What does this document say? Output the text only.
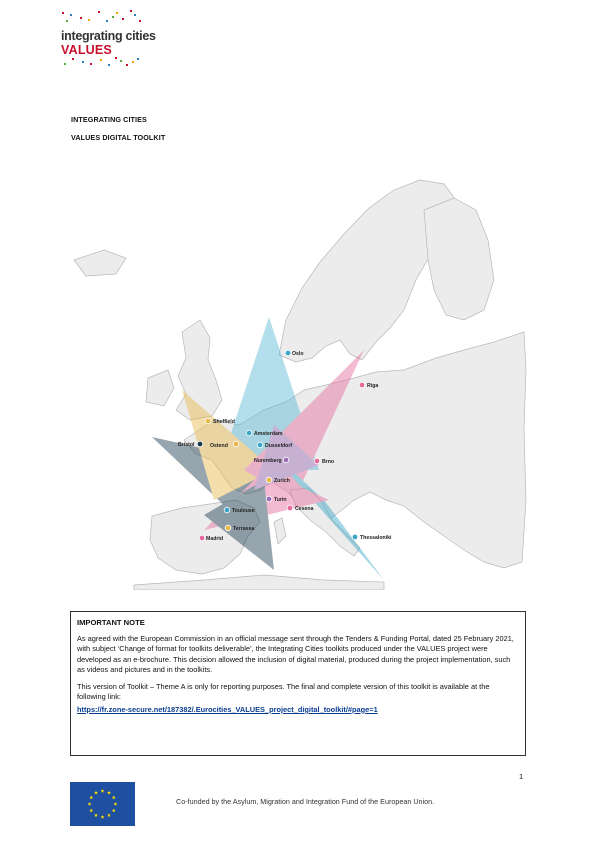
integrating cities
VALUES
INTEGRATING CITIES
VALUES DIGITAL TOOLKIT
Oslo
Riga
Sheffield
Amsterdam
Bristol	Ostend	Dusseldorf
Nuremberg	Brno
Zurich
Turin
Toulouse	Cesena
Terrassa
Madrid	Thessaloniki
IMPORTANT NOTE

As agreed with the European Commission in an official message sent through the Tenders & Funding Portal, dated 25 February 2021, with subject ‘Change of format for toolkits deliverable’, the Integrating Cities toolkits produced under the VALUES project were developed as an e-brochure. This decision allowed the inclusion of digital material, produced during the project implementation, such as videos and pictures and in the toolkits.

This version of Toolkit – Theme A is only for reporting purposes. The final and complete version of this toolkit is available at the following link:

https://fr.zone-secure.net/187382/.Eurocities_VALUES_project_digital_toolkit/#page=1
1
Co-funded by the Asylum, Migration and Integration Fund of the European Union.
